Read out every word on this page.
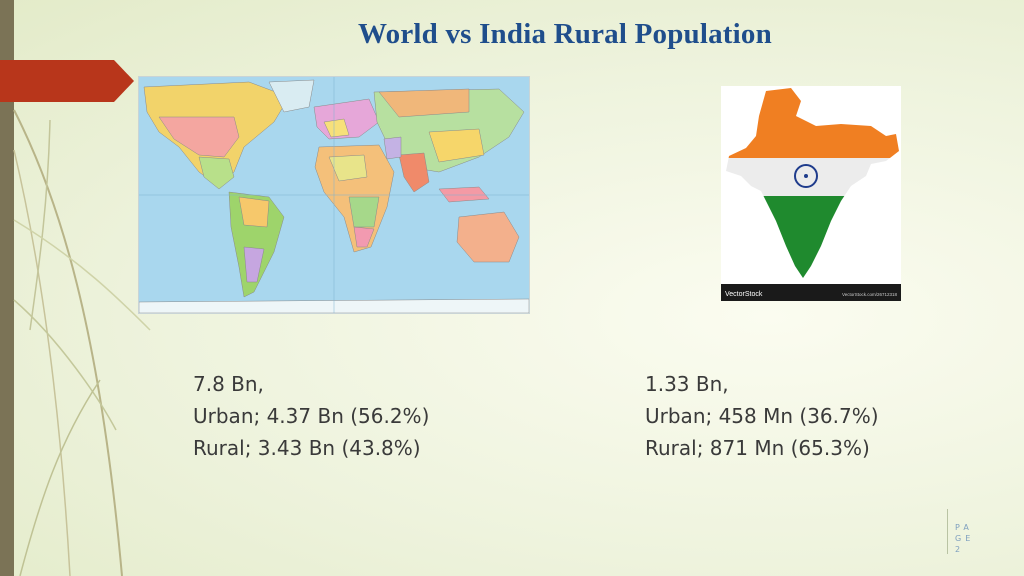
World vs India Rural Population
VectorStock	VectorStock.com/26712318
7.8 Bn,
Urban; 4.37 Bn (56.2%)
Rural; 3.43 Bn (43.8%)
1.33 Bn,
Urban; 458 Mn (36.7%)
Rural; 871 Mn (65.3%)
PAGE 2
